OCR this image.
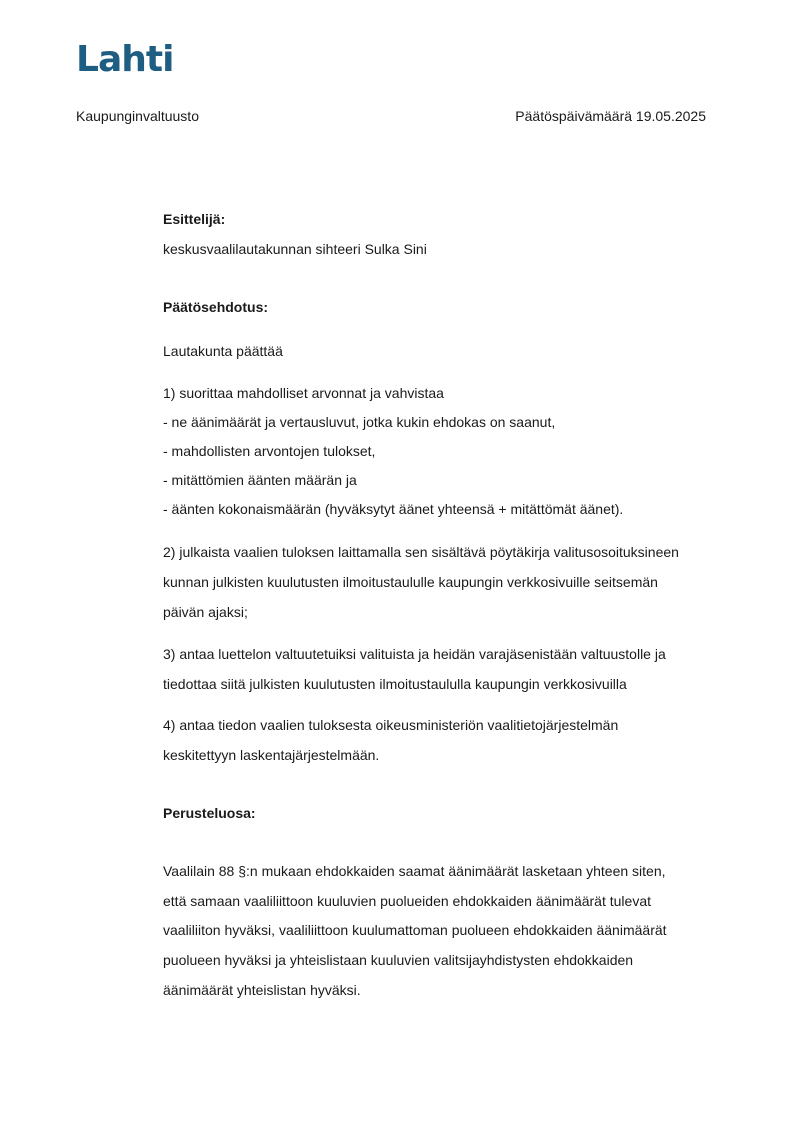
Lahti
Kaupunginvaltuusto	Päätöspäivämäärä 19.05.2025
Esittelijä:
keskusvaalilautakunnan sihteeri Sulka Sini
Päätösehdotus:
Lautakunta päättää
1) suorittaa mahdolliset arvonnat ja vahvistaa
- ne äänimäärät ja vertausluvut, jotka kukin ehdokas on saanut,
- mahdollisten arvontojen tulokset,
- mitättömien äänten määrän ja
- äänten kokonaismäärän (hyväksytyt äänet yhteensä + mitättömät äänet).
2) julkaista vaalien tuloksen laittamalla sen sisältävä pöytäkirja valitusosoituksineen
kunnan julkisten kuulutusten ilmoitustaululle kaupungin verkkosivuille seitsemän
päivän ajaksi;
3) antaa luettelon valtuutetuiksi valituista ja heidän varajäsenistään valtuustolle ja
tiedottaa siitä julkisten kuulutusten ilmoitustaululla kaupungin verkkosivuilla
4) antaa tiedon vaalien tuloksesta oikeusministeriön vaalitietojärjestelmän
keskitettyyn laskentajärjestelmään.
Perusteluosa:
Vaalilain 88 §:n mukaan ehdokkaiden saamat äänimäärät lasketaan yhteen siten,
että samaan vaaliliittoon kuuluvien puolueiden ehdokkaiden äänimäärät tulevat
vaaliliiton hyväksi, vaaliliittoon kuulumattoman puolueen ehdokkaiden äänimäärät
puolueen hyväksi ja yhteislistaan kuuluvien valitsijayhdistysten ehdokkaiden
äänimäärät yhteislistan hyväksi.
